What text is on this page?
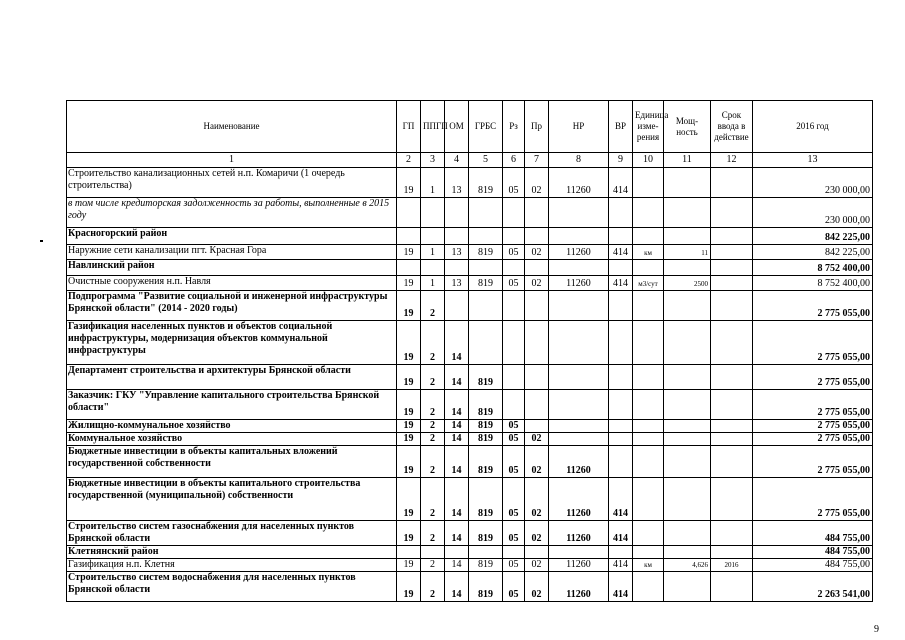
Наименование	ГП	ППГП	ОМ	ГРБС	Рз	Пр	НР	ВР	Единица изме-рения	Мощ-ность	Срок ввода в действие	2016 год
1	2	3	4	5	6	7	8	9	10	11	12	13
Строительство канализационных сетей н.п. Комаричи (1 очередь строительства)	19	1	13	819	05	02	11260	414				230 000,00
в том числе кредиторская задолженность за работы, выполненные в 2015 году												230 000,00
Красногорский район												842 225,00
Наружние сети канализации пгт. Красная Гора	19	1	13	819	05	02	11260	414	км	11		842 225,00
Навлинский район												8 752 400,00
Очистные сооружения н.п. Навля	19	1	13	819	05	02	11260	414	м3/сут	2500		8 752 400,00
Подпрограмма "Развитие социальной и инженерной инфраструктуры Брянской области" (2014 - 2020 годы)	19	2										2 775 055,00
Газификация населенных пунктов и объектов социальной инфраструктуры, модернизация объектов коммунальной инфраструктуры	19	2	14									2 775 055,00
Департамент строительства и архитектуры Брянской области	19	2	14	819								2 775 055,00
Заказчик: ГКУ "Управление капитального строительства Брянской области"	19	2	14	819								2 775 055,00
Жилищно-коммунальное хозяйство	19	2	14	819	05							2 775 055,00
Коммунальное хозяйство	19	2	14	819	05	02						2 775 055,00
Бюджетные инвестиции в объекты капитальных вложений государственной собственности	19	2	14	819	05	02	11260					2 775 055,00
Бюджетные инвестиции в объекты капитального строительства государственной (муниципальной) собственности	19	2	14	819	05	02	11260	414				2 775 055,00
Строительство систем газоснабжения для населенных пунктов Брянской области	19	2	14	819	05	02	11260	414				484 755,00
Клетнянский район												484 755,00
Газификация н.п. Клетня	19	2	14	819	05	02	11260	414	км	4,626	2016	484 755,00
Строительство систем водоснабжения для населенных пунктов Брянской области	19	2	14	819	05	02	11260	414				2 263 541,00
9
